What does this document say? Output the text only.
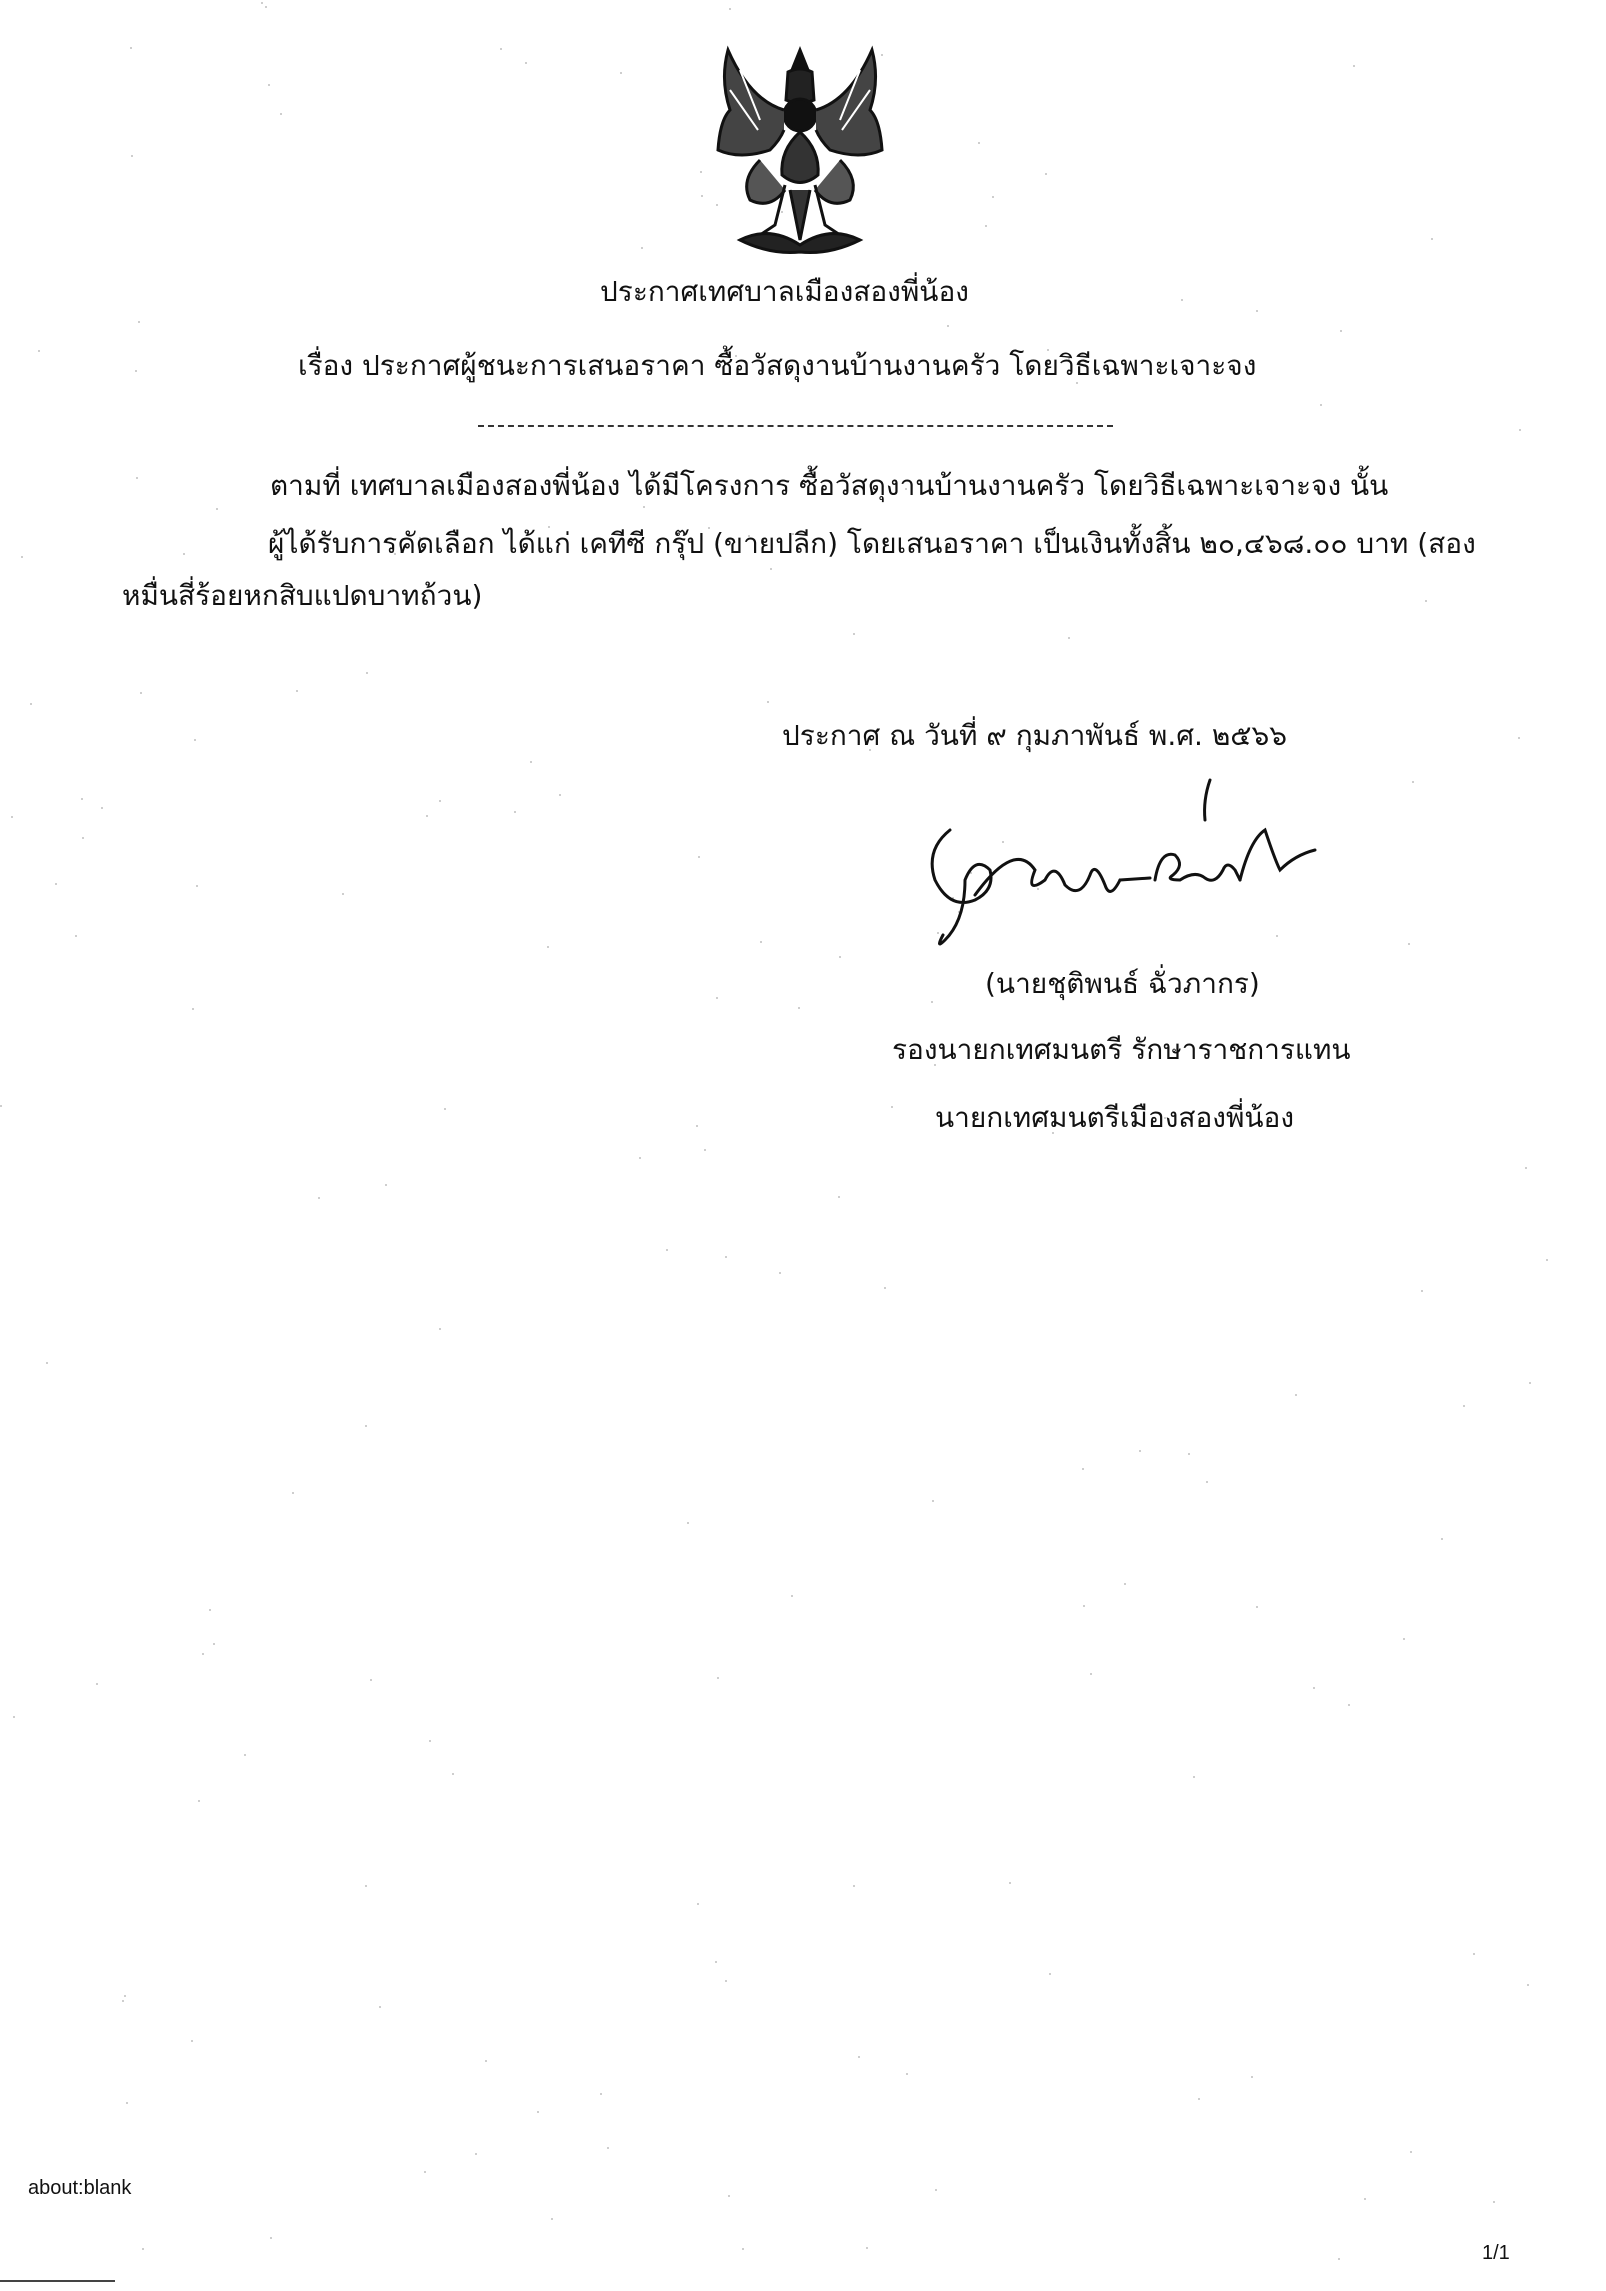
ประกาศเทศบาลเมืองสองพี่น้อง
เรื่อง ประกาศผู้ชนะการเสนอราคา ซื้อวัสดุงานบ้านงานครัว โดยวิธีเฉพาะเจาะจง
ตามที่ เทศบาลเมืองสองพี่น้อง ได้มีโครงการ ซื้อวัสดุงานบ้านงานครัว โดยวิธีเฉพาะเจาะจง นั้น
ผู้ได้รับการคัดเลือก ได้แก่ เคทีซี กรุ๊ป (ขายปลีก) โดยเสนอราคา เป็นเงินทั้งสิ้น ๒๐,๔๖๘.๐๐ บาท (สอง
หมื่นสี่ร้อยหกสิบแปดบาทถ้วน)
ประกาศ ณ วันที่ ๙ กุมภาพันธ์ พ.ศ. ๒๕๖๖
(นายชุติพนธ์ ฉั่วภากร)
รองนายกเทศมนตรี รักษาราชการแทน
นายกเทศมนตรีเมืองสองพี่น้อง
about:blank
1/1
